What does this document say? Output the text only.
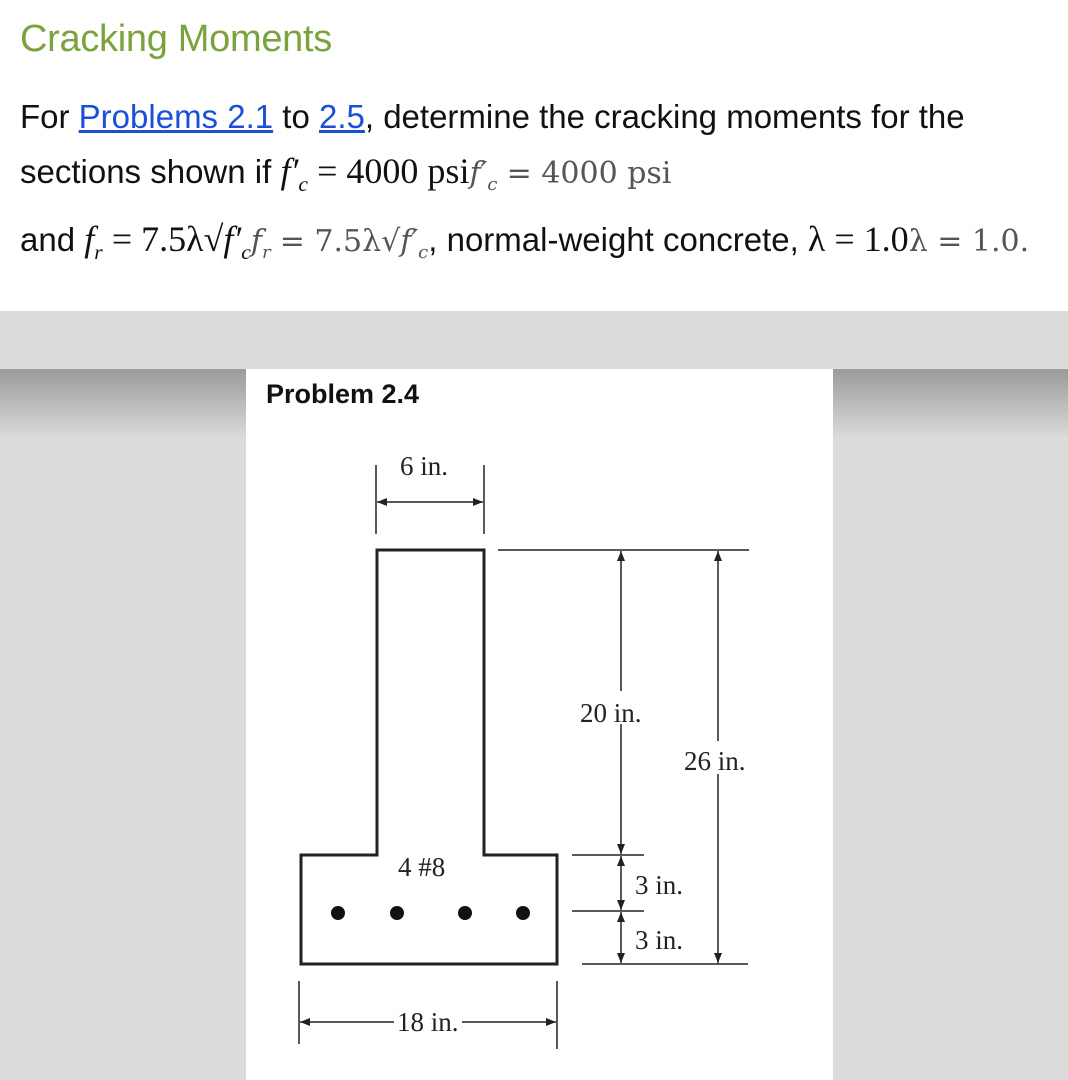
Cracking Moments

For Problems 2.1 to 2.5, determine the cracking moments for the sections shown if $f'_c = 4000$ $psif'_c = 4000$ psi
and $f_r = 7.5\lambda√f'_cf_r = 7.5\lambda√f'_c$, normal-weight concrete, λ = 1.0λ = 1.0.

Problem 2.4
4 #8
6 in.
20 in.
26 in.
3 in.
3 in.
18 in.
